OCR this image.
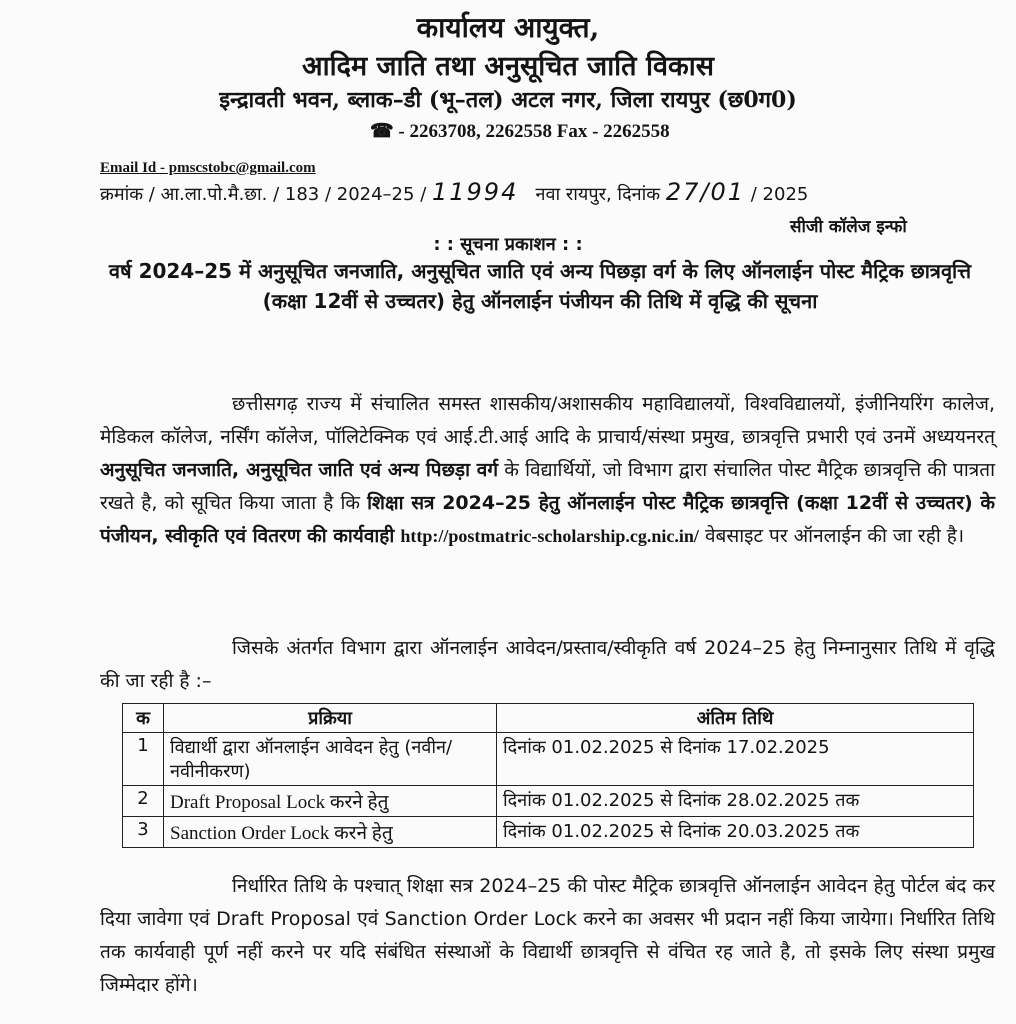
कार्यालय आयुक्त,
आदिम जाति तथा अनुसूचित जाति विकास
इन्द्रावती भवन, ब्लाक–डी (भू–तल) अटल नगर, जिला रायपुर (छ0ग0)
☎ - 2263708, 2262558 Fax - 2262558
Email Id - pmscstobc@gmail.com
क्रमांक / आ.ला.पो.मै.छा. / 183 / 2024–25 / 11994 नवा रायपुर, दिनांक 27/01 / 2025
सीजी कॉलेज इन्फो
: : सूचना प्रकाशन : :
वर्ष 2024–25 में अनुसूचित जनजाति, अनुसूचित जाति एवं अन्य पिछड़ा वर्ग के लिए ऑनलाईन पोस्ट मैट्रिक छात्रवृत्ति (कक्षा 12वीं से उच्चतर) हेतु ऑनलाईन पंजीयन की तिथि में वृद्धि की सूचना
छत्तीसगढ़ राज्य में संचालित समस्त शासकीय/अशासकीय महाविद्यालयों, विश्वविद्यालयों, इंजीनियरिंग कालेज, मेडिकल कॉलेज, नर्सिंग कॉलेज, पॉलिटेक्निक एवं आई.टी.आई आदि के प्राचार्य/संस्था प्रमुख, छात्रवृत्ति प्रभारी एवं उनमें अध्ययनरत् अनुसूचित जनजाति, अनुसूचित जाति एवं अन्य पिछड़ा वर्ग के विद्यार्थियों, जो विभाग द्वारा संचालित पोस्ट मैट्रिक छात्रवृत्ति की पात्रता रखते है, को सूचित किया जाता है कि शिक्षा सत्र 2024–25 हेतु ऑनलाईन पोस्ट मैट्रिक छात्रवृत्ति (कक्षा 12वीं से उच्चतर) के पंजीयन, स्वीकृति एवं वितरण की कार्यवाही http://postmatric-scholarship.cg.nic.in/ वेबसाइट पर ऑनलाईन की जा रही है।
जिसके अंतर्गत विभाग द्वारा ऑनलाईन आवेदन/प्रस्ताव/स्वीकृति वर्ष 2024–25 हेतु निम्नानुसार तिथि में वृद्धि की जा रही है :–
क	प्रक्रिया	अंतिम तिथि
1	विद्यार्थी द्वारा ऑनलाईन आवेदन हेतु (नवीन/ नवीनीकरण)	दिनांक 01.02.2025 से दिनांक 17.02.2025
2	Draft Proposal Lock करने हेतु	दिनांक 01.02.2025 से दिनांक 28.02.2025 तक
3	Sanction Order Lock करने हेतु	दिनांक 01.02.2025 से दिनांक 20.03.2025 तक
निर्धारित तिथि के पश्चात् शिक्षा सत्र 2024–25 की पोस्ट मैट्रिक छात्रवृत्ति ऑनलाईन आवेदन हेतु पोर्टल बंद कर दिया जावेगा एवं Draft Proposal एवं Sanction Order Lock करने का अवसर भी प्रदान नहीं किया जायेगा। निर्धारित तिथि तक कार्यवाही पूर्ण नहीं करने पर यदि संबंधित संस्थाओं के विद्यार्थी छात्रवृत्ति से वंचित रह जाते है, तो इसके लिए संस्था प्रमुख जिम्मेदार होंगे।
